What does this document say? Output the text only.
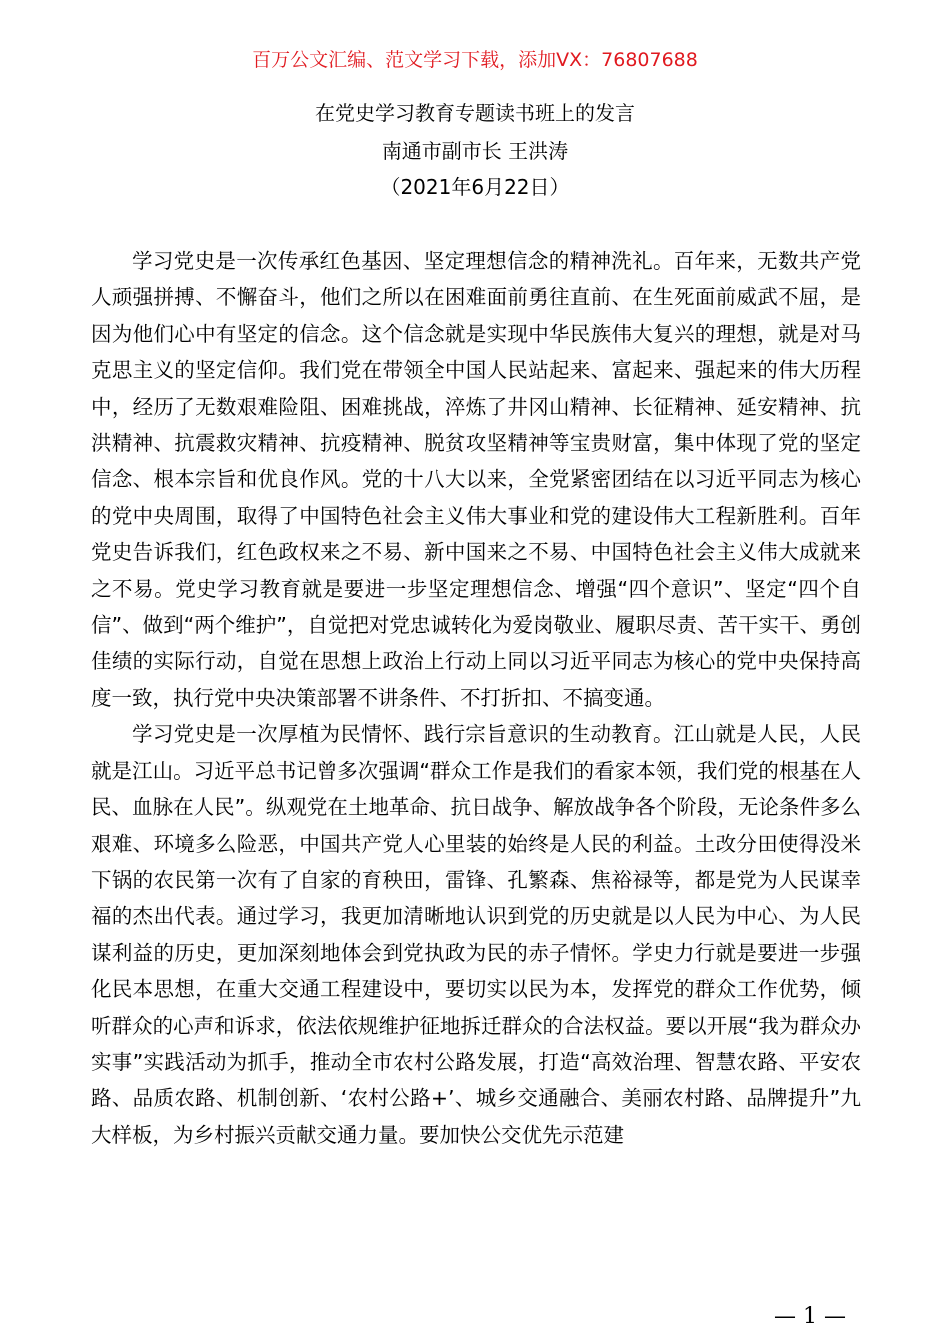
百万公文汇编、范文学习下载，添加VX：76807688
在党史学习教育专题读书班上的发言
南通市副市长 王洪涛
（2021年6月22日）

学习党史是一次传承红色基因、坚定理想信念的精神洗礼。百年来，无数共产党人顽强拼搏、不懈奋斗，他们之所以在困难面前勇往直前、在生死面前威武不屈，是因为他们心中有坚定的信念。这个信念就是实现中华民族伟大复兴的理想，就是对马克思主义的坚定信仰。我们党在带领全中国人民站起来、富起来、强起来的伟大历程中，经历了无数艰难险阻、困难挑战，淬炼了井冈山精神、长征精神、延安精神、抗洪精神、抗震救灾精神、抗疫精神、脱贫攻坚精神等宝贵财富，集中体现了党的坚定信念、根本宗旨和优良作风。党的十八大以来，全党紧密团结在以习近平同志为核心的党中央周围，取得了中国特色社会主义伟大事业和党的建设伟大工程新胜利。百年党史告诉我们，红色政权来之不易、新中国来之不易、中国特色社会主义伟大成就来之不易。党史学习教育就是要进一步坚定理想信念、增强“四个意识”、坚定“四个自信”、做到“两个维护”，自觉把对党忠诚转化为爱岗敬业、履职尽责、苦干实干、勇创佳绩的实际行动，自觉在思想上政治上行动上同以习近平同志为核心的党中央保持高度一致，执行党中央决策部署不讲条件、不打折扣、不搞变通。

学习党史是一次厚植为民情怀、践行宗旨意识的生动教育。江山就是人民，人民就是江山。习近平总书记曾多次强调“群众工作是我们的看家本领，我们党的根基在人民、血脉在人民”。纵观党在土地革命、抗日战争、解放战争各个阶段，无论条件多么艰难、环境多么险恶，中国共产党人心里装的始终是人民的利益。土改分田使得没米下锅的农民第一次有了自家的育秧田，雷锋、孔繁森、焦裕禄等，都是党为人民谋幸福的杰出代表。通过学习，我更加清晰地认识到党的历史就是以人民为中心、为人民谋利益的历史，更加深刻地体会到党执政为民的赤子情怀。学史力行就是要进一步强化民本思想，在重大交通工程建设中，要切实以民为本，发挥党的群众工作优势，倾听群众的心声和诉求，依法依规维护征地拆迁群众的合法权益。要以开展“我为群众办实事”实践活动为抓手，推动全市农村公路发展，打造“高效治理、智慧农路、平安农路、品质农路、机制创新、‘农村公路+’、城乡交通融合、美丽农村路、品牌提升”九大样板，为乡村振兴贡献交通力量。要加快公交优先示范建

— 1 —
